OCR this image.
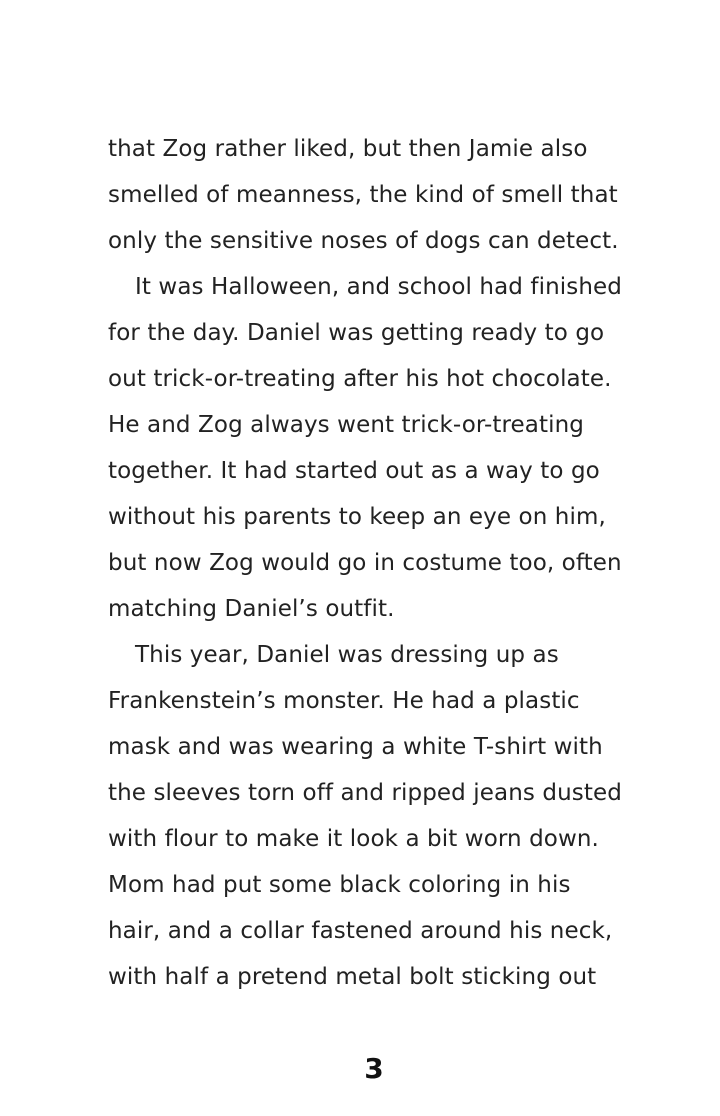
that Zog rather liked, but then Jamie also
smelled of meanness, the kind of smell that
only the sensitive noses of dogs can detect.
It was Halloween, and school had finished
for the day. Daniel was getting ready to go
out trick-or-treating after his hot chocolate.
He and Zog always went trick-or-treating
together. It had started out as a way to go
without his parents to keep an eye on him,
but now Zog would go in costume too, often
matching Daniel’s outfit.
This year, Daniel was dressing up as
Frankenstein’s monster. He had a plastic
mask and was wearing a white T-shirt with
the sleeves torn off and ripped jeans dusted
with flour to make it look a bit worn down.
Mom had put some black coloring in his
hair, and a collar fastened around his neck,
with half a pretend metal bolt sticking out
3
